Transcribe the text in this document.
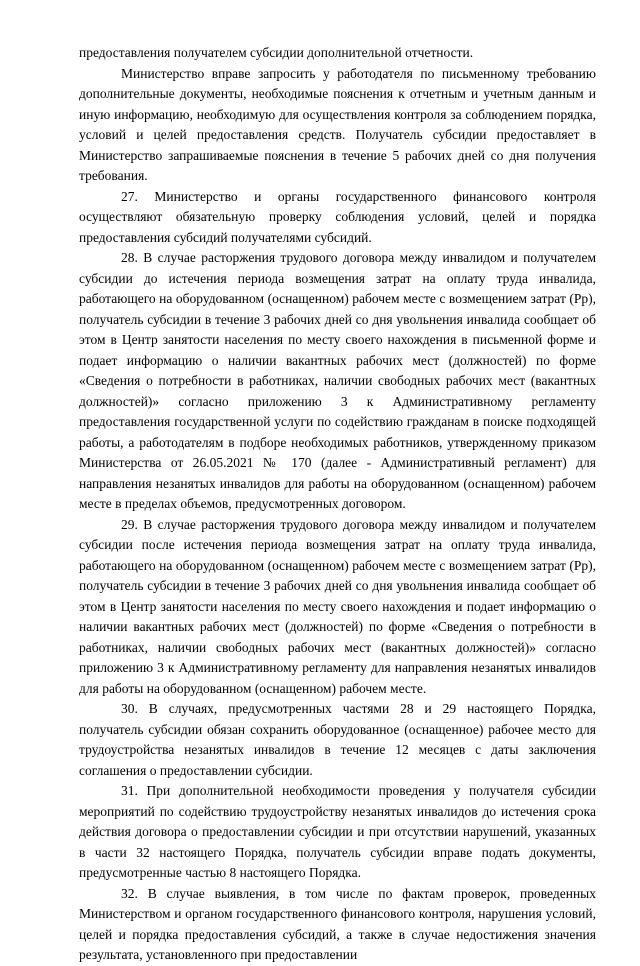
предоставления получателем субсидии дополнительной отчетности.

Министерство вправе запросить у работодателя по письменному требованию дополнительные документы, необходимые пояснения к отчетным и учетным данным и иную информацию, необходимую для осуществления контроля за соблюдением порядка, условий и целей предоставления средств. Получатель субсидии предоставляет в Министерство запрашиваемые пояснения в течение 5 рабочих дней со дня получения требования.

27. Министерство и органы государственного финансового контроля осуществляют обязательную проверку соблюдения условий, целей и порядка предоставления субсидий получателями субсидий.

28. В случае расторжения трудового договора между инвалидом и получателем субсидии до истечения периода возмещения затрат на оплату труда инвалида, работающего на оборудованном (оснащенном) рабочем месте с возмещением затрат (Рр), получатель субсидии в течение 3 рабочих дней со дня увольнения инвалида сообщает об этом в Центр занятости населения по месту своего нахождения в письменной форме и подает информацию о наличии вакантных рабочих мест (должностей) по форме «Сведения о потребности в работниках, наличии свободных рабочих мест (вакантных должностей)» согласно приложению 3 к Административному регламенту предоставления государственной услуги по содействию гражданам в поиске подходящей работы, а работодателям в подборе необходимых работников, утвержденному приказом Министерства от 26.05.2021 № 170 (далее - Административный регламент) для направления незанятых инвалидов для работы на оборудованном (оснащенном) рабочем месте в пределах объемов, предусмотренных договором.

29. В случае расторжения трудового договора между инвалидом и получателем субсидии после истечения периода возмещения затрат на оплату труда инвалида, работающего на оборудованном (оснащенном) рабочем месте с возмещением затрат (Рр), получатель субсидии в течение 3 рабочих дней со дня увольнения инвалида сообщает об этом в Центр занятости населения по месту своего нахождения и подает информацию о наличии вакантных рабочих мест (должностей) по форме «Сведения о потребности в работниках, наличии свободных рабочих мест (вакантных должностей)» согласно приложению 3 к Административному регламенту для направления незанятых инвалидов для работы на оборудованном (оснащенном) рабочем месте.

30. В случаях, предусмотренных частями 28 и 29 настоящего Порядка, получатель субсидии обязан сохранить оборудованное (оснащенное) рабочее место для трудоустройства незанятых инвалидов в течение 12 месяцев с даты заключения соглашения о предоставлении субсидии.

31. При дополнительной необходимости проведения у получателя субсидии мероприятий по содействию трудоустройству незанятых инвалидов до истечения срока действия договора о предоставлении субсидии и при отсутствии нарушений, указанных в части 32 настоящего Порядка, получатель субсидии вправе подать документы, предусмотренные частью 8 настоящего Порядка.

32. В случае выявления, в том числе по фактам проверок, проведенных Министерством и органом государственного финансового контроля, нарушения условий, целей и порядка предоставления субсидий, а также в случае недостижения значения результата, установленного при предоставлении
